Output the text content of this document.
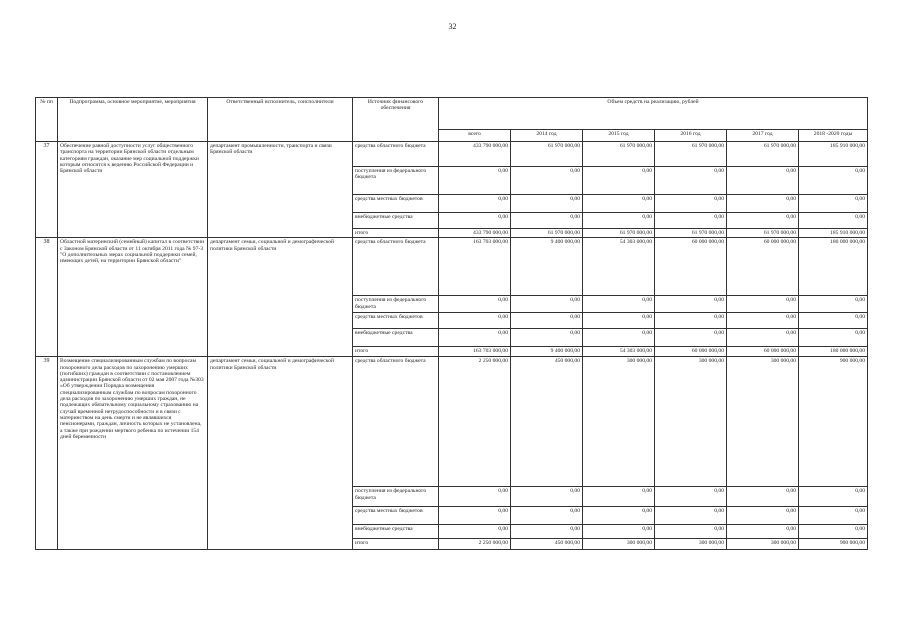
32
№ пп	Подпрограмма, основное мероприятие, мероприятия	Ответственный исполнитель, соисполнители	Источник финансового обеспечения	Объем средств на реализацию, рублей					
				всего	2014 год	2015 год	2016 год	2017 год	2018 -2020 годы
37	Обеспечение равной доступности услуг общественного транспорта на территории Брянской области отдельным категориям граждан, оказание мер социальной поддержки которым относится к ведению Российской Федерации и Брянской области	департамент промышленности, транспорта и связи Брянской области	средства областного бюджета	433 790 000,00	61 970 000,00	61 970 000,00	61 970 000,00	61 970 000,00	185 910 000,00
			поступления из федерального бюджета	0,00	0,00	0,00	0,00	0,00	0,00
			средства местных бюджетов	0,00	0,00	0,00	0,00	0,00	0,00
			внебюджетные средства	0,00	0,00	0,00	0,00	0,00	0,00
			итого	433 790 000,00	61 970 000,00	61 970 000,00	61 970 000,00	61 970 000,00	185 910 000,00
38	Областной материнский (семейный) капитал в соответствии с Законом Брянской области от 11 октября 2011 года № 97-З "О дополнительных мерах социальной поддержки семей, имеющих детей, на территории Брянской области"	департамент семьи, социальной и демографической политики Брянской области	средства областного бюджета	163 703 000,00	9 400 000,00	54 303 000,00	60 000 000,00	60 000 000,00	180 000 000,00
			поступления из федерального бюджета	0,00	0,00	0,00	0,00	0,00	0,00
			средства местных бюджетов	0,00	0,00	0,00	0,00	0,00	0,00
			внебюджетные средства	0,00	0,00	0,00	0,00	0,00	0,00
			итого	163 703 000,00	9 400 000,00	54 303 000,00	60 000 000,00	60 000 000,00	180 000 000,00
39	Возмещение специализированным службам по вопросам похоронного дела расходов по захоронению умерших (погибших) граждан в соответствии с постановлением администрации Брянской области от 02 мая 2007 года №303 «Об утверждении Порядка возмещения специализированным службам по вопросам похоронного дела расходов по захоронению умерших граждан, не подлежащих обязательному социальному страхованию на случай временной нетрудоспособности и в связи с материнством на день смерти и не являвшихся пенсионерами, граждан, личность которых не установлена, а также при рождении мертвого ребенка по истечении 154 дней беременности	департамент семьи, социальной и демографической политики Брянской области	средства областного бюджета	2 250 000,00	450 000,00	300 000,00	300 000,00	300 000,00	900 000,00
			поступления из федерального бюджета	0,00	0,00	0,00	0,00	0,00	0,00
			средства местных бюджетов	0,00	0,00	0,00	0,00	0,00	0,00
			внебюджетные средства	0,00	0,00	0,00	0,00	0,00	0,00
			итого	2 250 000,00	450 000,00	300 000,00	300 000,00	300 000,00	900 000,00
